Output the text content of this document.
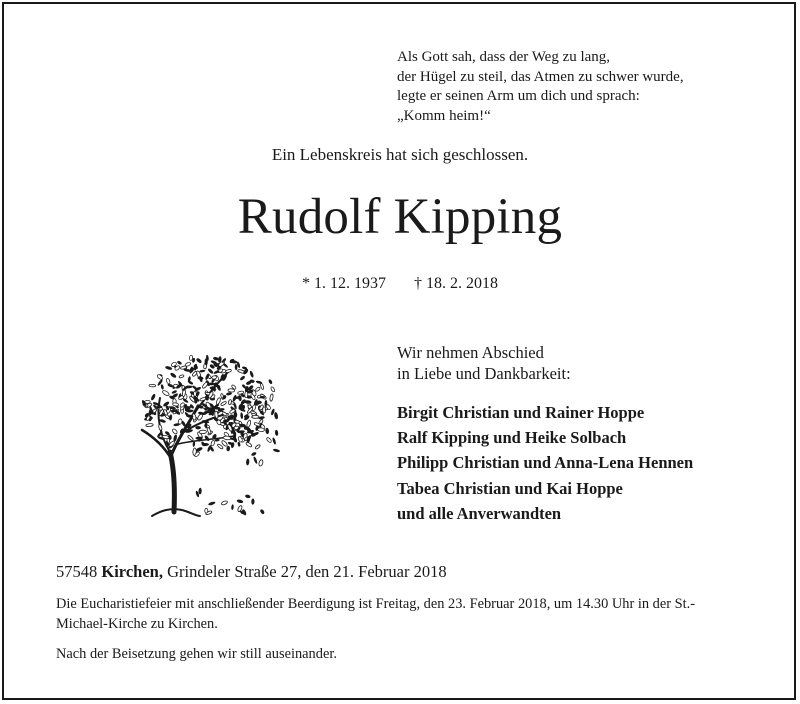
Als Gott sah, dass der Weg zu lang,
der Hügel zu steil, das Atmen zu schwer wurde,
legte er seinen Arm um dich und sprach:
„Komm heim!“
Ein Lebenskreis hat sich geschlossen.
Rudolf Kipping
* 1. 12. 1937 † 18. 2. 2018
Wir nehmen Abschied
in Liebe und Dankbarkeit:
Birgit Christian und Rainer Hoppe
Ralf Kipping und Heike Solbach
Philipp Christian und Anna-Lena Hennen
Tabea Christian und Kai Hoppe
und alle Anverwandten
57548 Kirchen, Grindeler Straße 27, den 21. Februar 2018
Die Eucharistiefeier mit anschließender Beerdigung ist Freitag, den 23. Februar 2018, um 14.30 Uhr in der St.-Michael-Kirche zu Kirchen.
Nach der Beisetzung gehen wir still auseinander.
